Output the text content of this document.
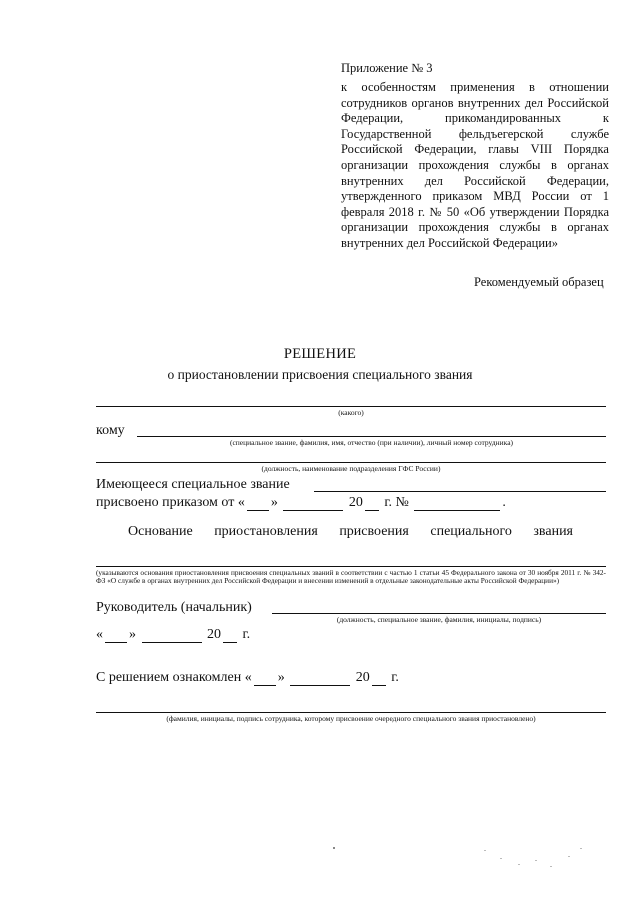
Приложение № 3
к особенностям применения в отношении сотрудников органов внутренних дел Российской Федерации, прикомандированных к Государственной фельдъегерской службе Российской Федерации, главы VIII Порядка организации прохождения службы в органах внутренних дел Российской Федерации, утвержденного приказом МВД России от 1 февраля 2018 г. № 50 «Об утверждении Порядка организации прохождения службы в органах внутренних дел Российской Федерации»
Рекомендуемый образец
РЕШЕНИЕ
о приостановлении присвоения специального звания
(какого)
кому
(специальное звание, фамилия, имя, отчество (при наличии), личный номер сотрудника)
(должность, наименование подразделения ГФС России)
Имеющееся специальное звание
присвоено приказом от « »	20 г. №	.
Основание приостановления присвоения специального звания
(указываются основания приостановления присвоения специальных званий в соответствии с частью 1 статьи 45 Федерального закона от 30 ноября 2011 г. № 342-ФЗ «О службе в органах внутренних дел Российской Федерации и внесении изменений в отдельные законодательные акты Российской Федерации»)
Руководитель (начальник)
(должность, специальное звание, фамилия, инициалы, подпись)
« »	20 г.
С решением ознакомлен « »	20 г.
(фамилия, инициалы, подпись сотрудника, которому присвоение очередного специального звания приостановлено)
